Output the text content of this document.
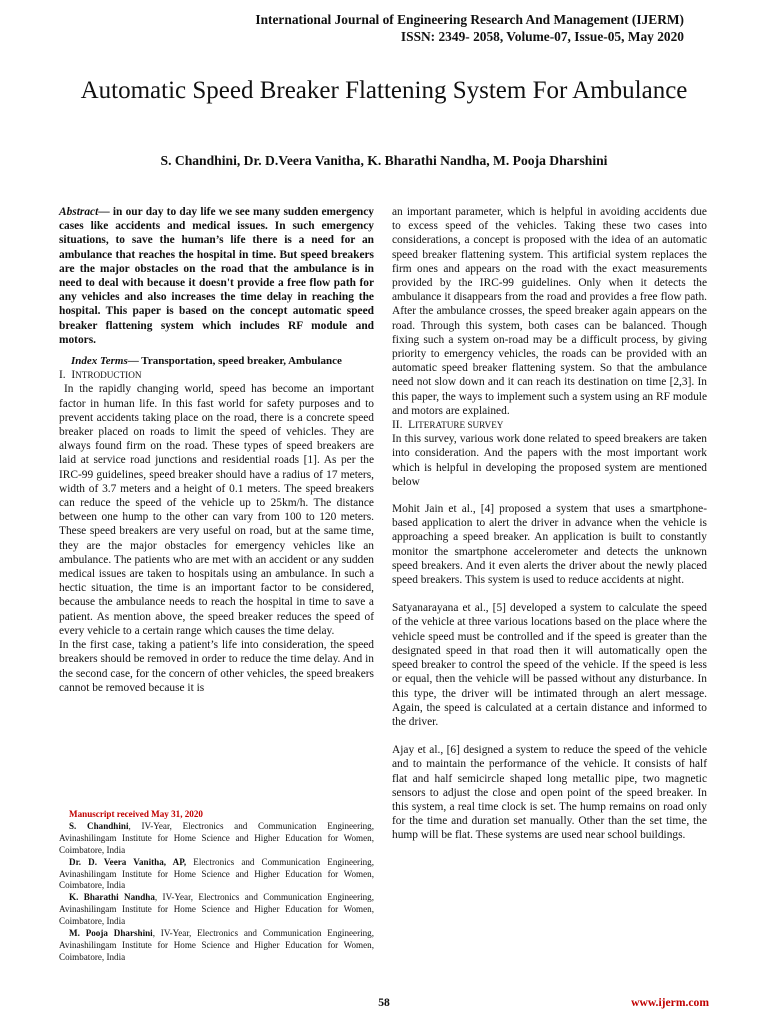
International Journal of Engineering Research And Management (IJERM)
ISSN: 2349- 2058, Volume-07, Issue-05, May 2020
Automatic Speed Breaker Flattening System For Ambulance
S. Chandhini, Dr. D.Veera Vanitha, K. Bharathi Nandha, M. Pooja Dharshini

Abstract— in our day to day life we see many sudden emergency cases like accidents and medical issues. In such emergency situations, to save the human’s life there is a need for an ambulance that reaches the hospital in time. But speed breakers are the major obstacles on the road that the ambulance is in need to deal with because it doesn't provide a free flow path for any vehicles and also increases the time delay in reaching the hospital. This paper is based on the concept automatic speed breaker flattening system which includes RF module and motors.

Index Terms— Transportation, speed breaker, Ambulance

I. INTRODUCTION

In the rapidly changing world, speed has become an important factor in human life. In this fast world for safety purposes and to prevent accidents taking place on the road, there is a concrete speed breaker placed on roads to limit the speed of vehicles. They are always found firm on the road. These types of speed breakers are laid at service road junctions and residential roads [1]. As per the IRC-99 guidelines, speed breaker should have a radius of 17 meters, width of 3.7 meters and a height of 0.1 meters. The speed breakers can reduce the speed of the vehicle up to 25km/h. The distance between one hump to the other can vary from 100 to 120 meters. These speed breakers are very useful on road, but at the same time, they are the major obstacles for emergency vehicles like an ambulance. The patients who are met with an accident or any sudden medical issues are taken to hospitals using an ambulance. In such a hectic situation, the time is an important factor to be considered, because the ambulance needs to reach the hospital in time to save a patient. As mention above, the speed breaker reduces the speed of every vehicle to a certain range which causes the time delay.

In the first case, taking a patient’s life into consideration, the speed breakers should be removed in order to reduce the time delay. And in the second case, for the concern of other vehicles, the speed breakers cannot be removed because it is

Manuscript received May 31, 2020

S. Chandhini, IV-Year, Electronics and Communication Engineering, Avinashilingam Institute for Home Science and Higher Education for Women, Coimbatore, India

Dr. D. Veera Vanitha, AP, Electronics and Communication Engineering, Avinashilingam Institute for Home Science and Higher Education for Women, Coimbatore, India

K. Bharathi Nandha, IV-Year, Electronics and Communication Engineering, Avinashilingam Institute for Home Science and Higher Education for Women, Coimbatore, India

M. Pooja Dharshini, IV-Year, Electronics and Communication Engineering, Avinashilingam Institute for Home Science and Higher Education for Women, Coimbatore, India

an important parameter, which is helpful in avoiding accidents due to excess speed of the vehicles. Taking these two cases into considerations, a concept is proposed with the idea of an automatic speed breaker flattening system. This artificial system replaces the firm ones and appears on the road with the exact measurements provided by the IRC-99 guidelines. Only when it detects the ambulance it disappears from the road and provides a free flow path. After the ambulance crosses, the speed breaker again appears on the road. Through this system, both cases can be balanced. Though fixing such a system on-road may be a difficult process, by giving priority to emergency vehicles, the roads can be provided with an automatic speed breaker flattening system. So that the ambulance need not slow down and it can reach its destination on time [2,3]. In this paper, the ways to implement such a system using an RF module and motors are explained.

II. LITERATURE SURVEY

In this survey, various work done related to speed breakers are taken into consideration. And the papers with the most important work which is helpful in developing the proposed system are mentioned below

Mohit Jain et al., [4] proposed a system that uses a smartphone-based application to alert the driver in advance when the vehicle is approaching a speed breaker. An application is built to constantly monitor the smartphone accelerometer and detects the unknown speed breakers. And it even alerts the driver about the newly placed speed breakers. This system is used to reduce accidents at night.

Satyanarayana et al., [5] developed a system to calculate the speed of the vehicle at three various locations based on the place where the vehicle speed must be controlled and if the speed is greater than the designated speed in that road then it will automatically open the speed breaker to control the speed of the vehicle. If the speed is less or equal, then the vehicle will be passed without any disturbance. In this type, the driver will be intimated through an alert message. Again, the speed is calculated at a certain distance and informed to the driver.

Ajay et al., [6] designed a system to reduce the speed of the vehicle and to maintain the performance of the vehicle. It consists of half flat and half semicircle shaped long metallic pipe, two magnetic sensors to adjust the close and open point of the speed breaker. In this system, a real time clock is set. The hump remains on road only for the time and duration set manually. Other than the set time, the hump will be flat. These systems are used near school buildings.

58	www.ijerm.com
